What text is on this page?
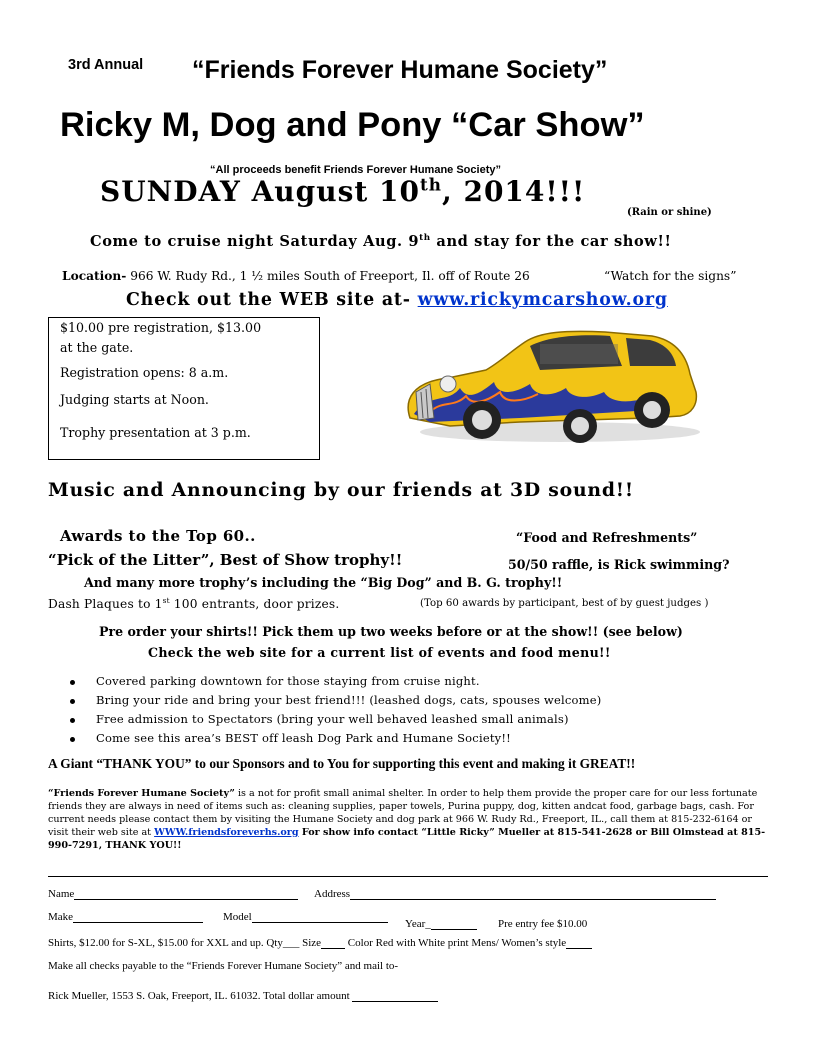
3rd Annual “Friends Forever Humane Society”
Ricky M, Dog and Pony “Car Show”
“All proceeds benefit Friends Forever Humane Society”
SUNDAY August 10th, 2014!!!
(Rain or shine)
Come to cruise night Saturday Aug. 9th and stay for the car show!!
Location- 966 W. Rudy Rd., 1 ½ miles South of Freeport, Il. off of Route 26	“Watch for the signs”
Check out the WEB site at- www.rickymcarshow.org
$10.00 pre registration, $13.00
at the gate.
Registration opens: 8 a.m.
Judging starts at Noon.
Trophy presentation at 3 p.m.
Music and Announcing by our friends at 3D sound!!
Awards to the Top 60..
“Pick of the Litter”, Best of Show trophy!!
And many more trophy’s including the “Big Dog” and B. G. trophy!!
Dash Plaques to 1st 100 entrants, door prizes.	(Top 60 awards by participant, best of by guest judges )
“Food and Refreshments”
50/50 raffle, is Rick swimming?
Pre order your shirts!! Pick them up two weeks before or at the show!! (see below)
Check the web site for a current list of events and food menu!!
Covered parking downtown for those staying from cruise night.
Bring your ride and bring your best friend!!! (leashed dogs, cats, spouses welcome)
Free admission to Spectators (bring your well behaved leashed small animals)
Come see this area’s BEST off leash Dog Park and Humane Society!!
A Giant “THANK YOU” to our Sponsors and to You for supporting this event and making it GREAT!!
“Friends Forever Humane Society” is a not for profit small animal shelter. In order to help them provide the proper care for our less fortunate friends they are always in need of items such as: cleaning supplies, paper towels, Purina puppy, dog, kitten andcat food, garbage bags, cash. For current needs please contact them by visiting the Humane Society and dog park at 966 W. Rudy Rd., Freeport, IL., call them at 815-232-6164 or visit their web site at WWW.friendsforeverhs.org For show info contact “Little Ricky” Mueller at 815-541-2628 or Bill Olmstead at 815-990-7291, THANK YOU!!
Name	Address
Make	Model
Year_	Pre entry fee $10.00
Shirts, $12.00 for S-XL, $15.00 for XXL and up. Qty___ Size Color Red with White print Mens/ Women’s style
Make all checks payable to the “Friends Forever Humane Society” and mail to-
Rick Mueller, 1553 S. Oak, Freeport, IL. 61032. Total dollar amount
